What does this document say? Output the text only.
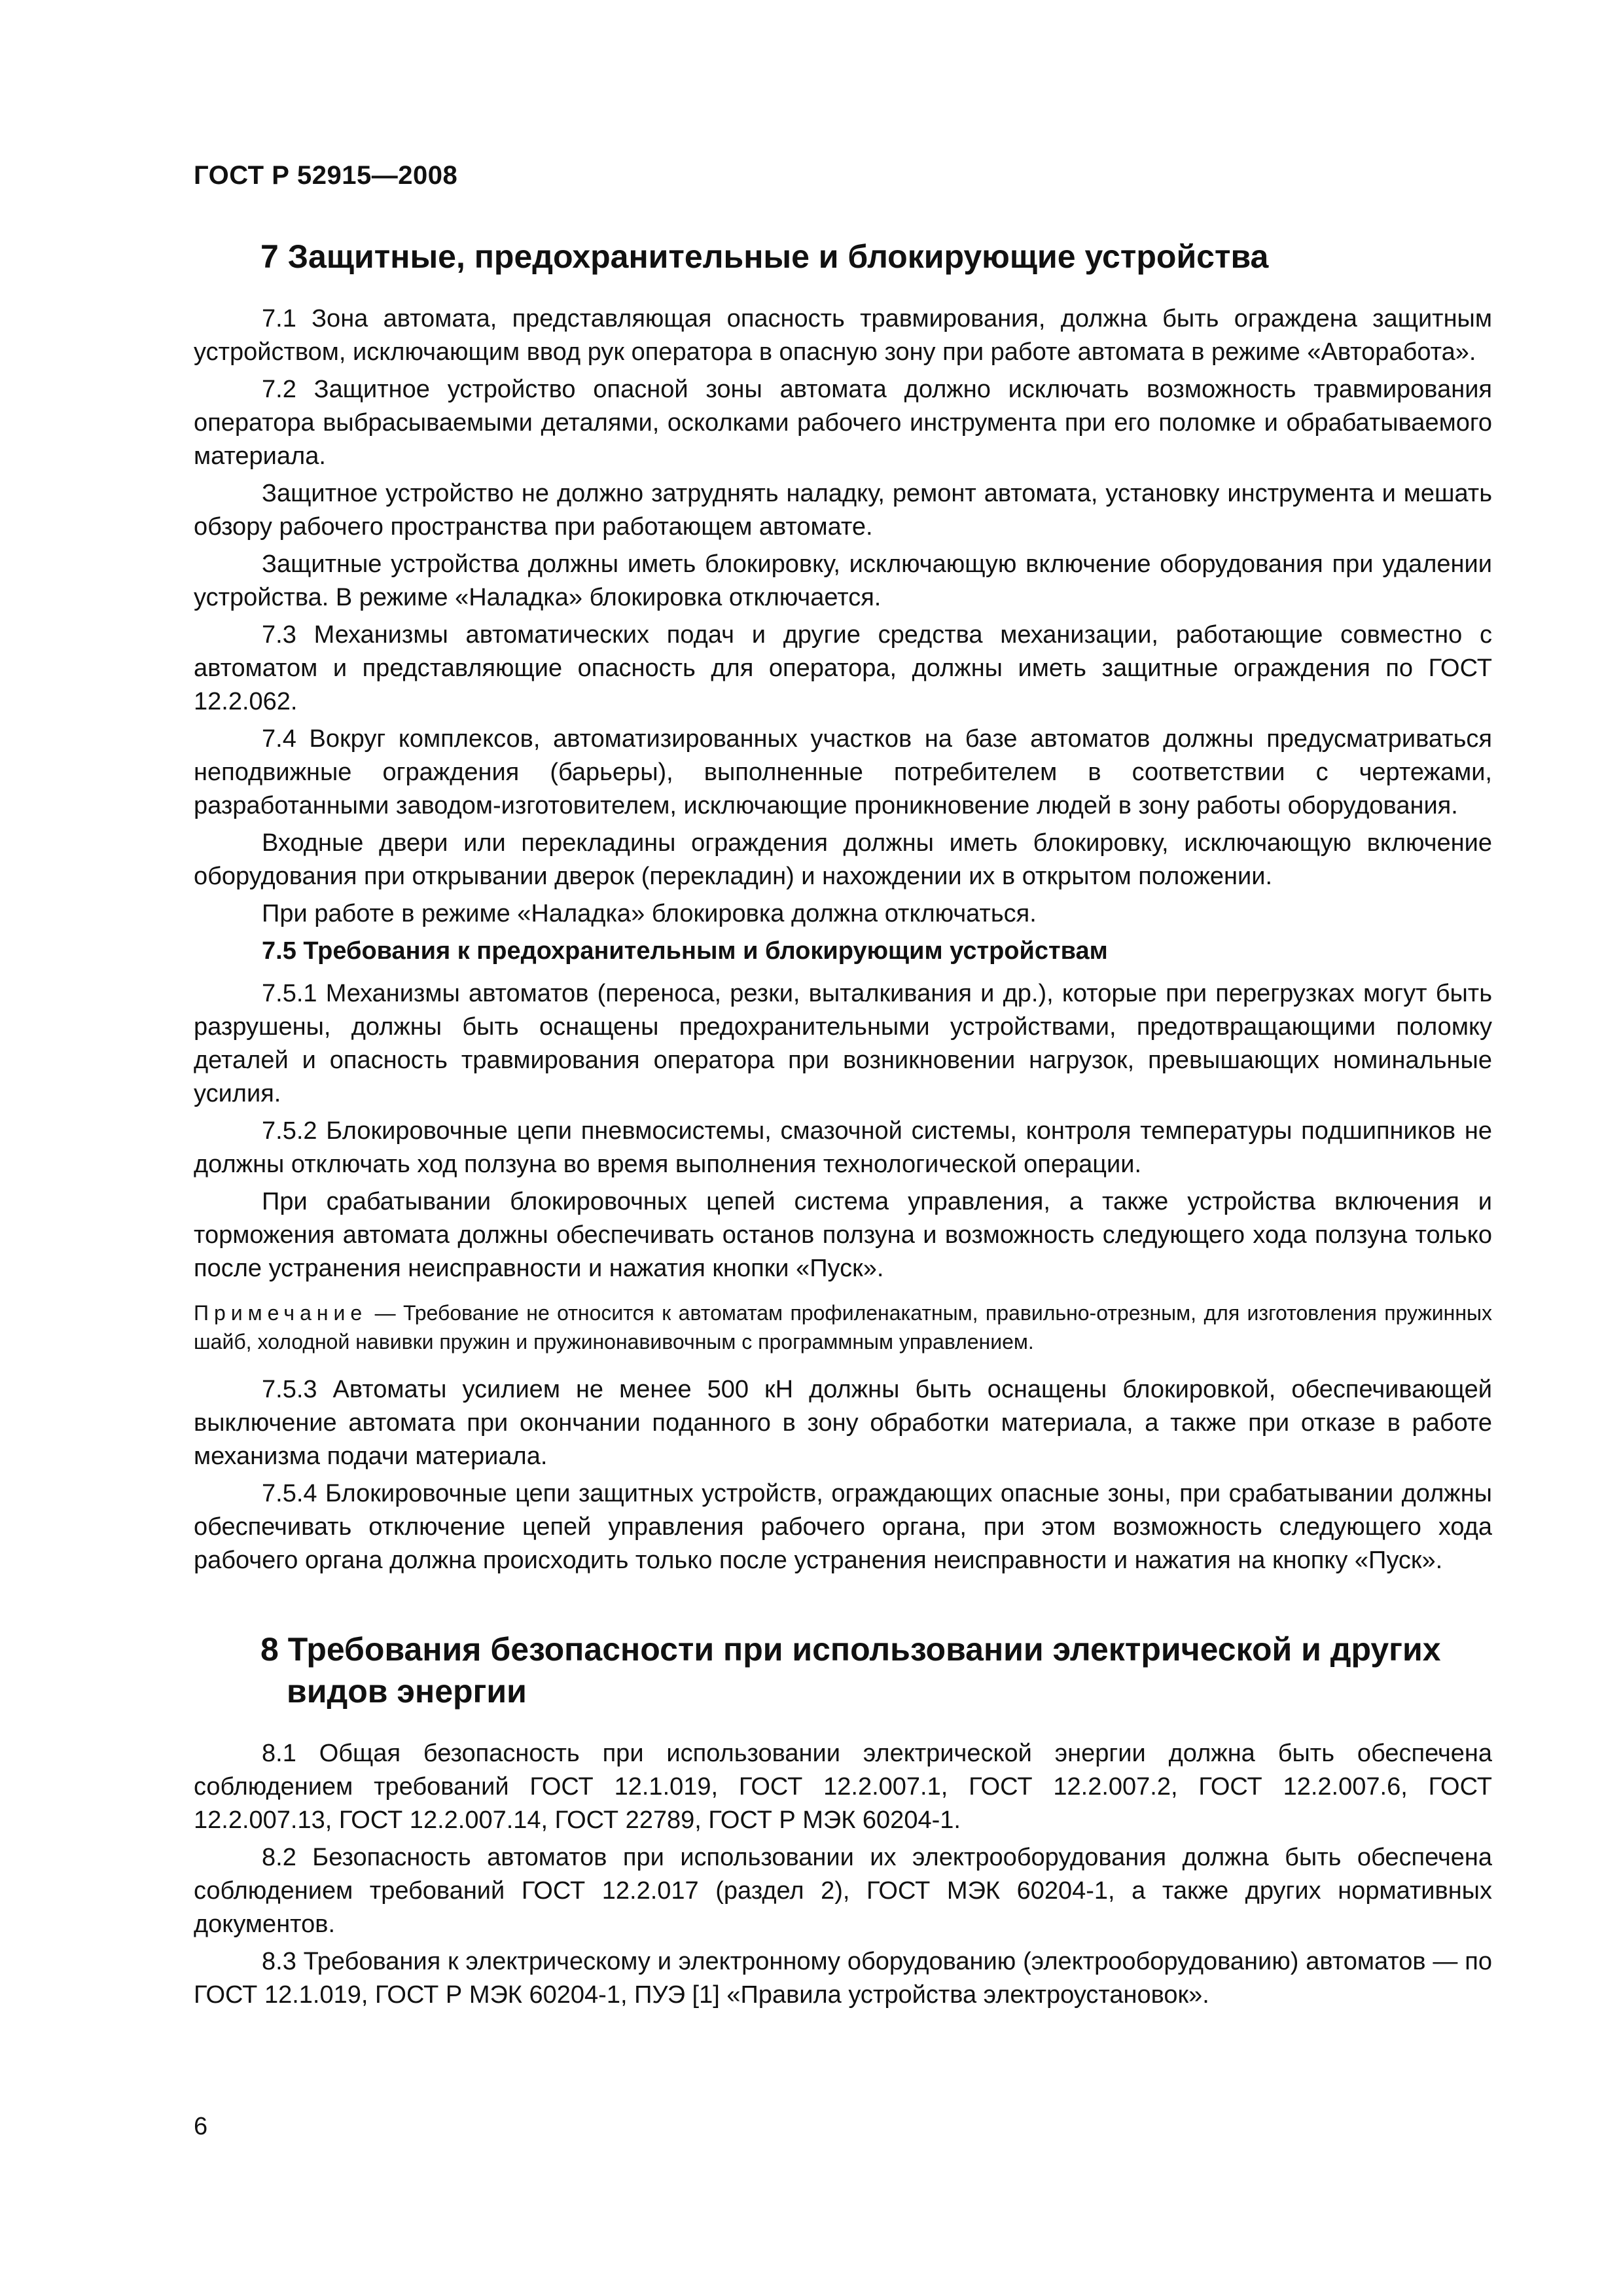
ГОСТ Р 52915—2008
7 Защитные, предохранительные и блокирующие устройства

7.1 Зона автомата, представляющая опасность травмирования, должна быть ограждена защитным устройством, исключающим ввод рук оператора в опасную зону при работе автомата в режиме «Авторабота».

7.2 Защитное устройство опасной зоны автомата должно исключать возможность травмирования оператора выбрасываемыми деталями, осколками рабочего инструмента при его поломке и обрабатываемого материала.

Защитное устройство не должно затруднять наладку, ремонт автомата, установку инструмента и мешать обзору рабочего пространства при работающем автомате.

Защитные устройства должны иметь блокировку, исключающую включение оборудования при удалении устройства. В режиме «Наладка» блокировка отключается.

7.3 Механизмы автоматических подач и другие средства механизации, работающие совместно с автоматом и представляющие опасность для оператора, должны иметь защитные ограждения по ГОСТ 12.2.062.

7.4 Вокруг комплексов, автоматизированных участков на базе автоматов должны предусматриваться неподвижные ограждения (барьеры), выполненные потребителем в соответствии с чертежами, разработанными заводом-изготовителем, исключающие проникновение людей в зону работы оборудования.

Входные двери или перекладины ограждения должны иметь блокировку, исключающую включение оборудования при открывании дверок (перекладин) и нахождении их в открытом положении.

При работе в режиме «Наладка» блокировка должна отключаться.

7.5 Требования к предохранительным и блокирующим устройствам

7.5.1 Механизмы автоматов (переноса, резки, выталкивания и др.), которые при перегрузках могут быть разрушены, должны быть оснащены предохранительными устройствами, предотвращающими поломку деталей и опасность травмирования оператора при возникновении нагрузок, превышающих номинальные усилия.

7.5.2 Блокировочные цепи пневмосистемы, смазочной системы, контроля температуры подшипников не должны отключать ход ползуна во время выполнения технологической операции.

При срабатывании блокировочных цепей система управления, а также устройства включения и торможения автомата должны обеспечивать останов ползуна и возможность следующего хода ползуна только после устранения неисправности и нажатия кнопки «Пуск».

Примечание — Требование не относится к автоматам профиленакатным, правильно-отрезным, для изготовления пружинных шайб, холодной навивки пружин и пружинонавивочным с программным управлением.

7.5.3 Автоматы усилием не менее 500 кН должны быть оснащены блокировкой, обеспечивающей выключение автомата при окончании поданного в зону обработки материала, а также при отказе в работе механизма подачи материала.

7.5.4 Блокировочные цепи защитных устройств, ограждающих опасные зоны, при срабатывании должны обеспечивать отключение цепей управления рабочего органа, при этом возможность следующего хода рабочего органа должна происходить только после устранения неисправности и нажатия на кнопку «Пуск».

8 Требования безопасности при использовании электрической и других видов энергии

8.1 Общая безопасность при использовании электрической энергии должна быть обеспечена соблюдением требований ГОСТ 12.1.019, ГОСТ 12.2.007.1, ГОСТ 12.2.007.2, ГОСТ 12.2.007.6, ГОСТ 12.2.007.13, ГОСТ 12.2.007.14, ГОСТ 22789, ГОСТ Р МЭК 60204-1.

8.2 Безопасность автоматов при использовании их электрооборудования должна быть обеспечена соблюдением требований ГОСТ 12.2.017 (раздел 2), ГОСТ МЭК 60204-1, а также других нормативных документов.

8.3 Требования к электрическому и электронному оборудованию (электрооборудованию) автоматов — по ГОСТ 12.1.019, ГОСТ Р МЭК 60204-1, ПУЭ [1] «Правила устройства электроустановок».

6
